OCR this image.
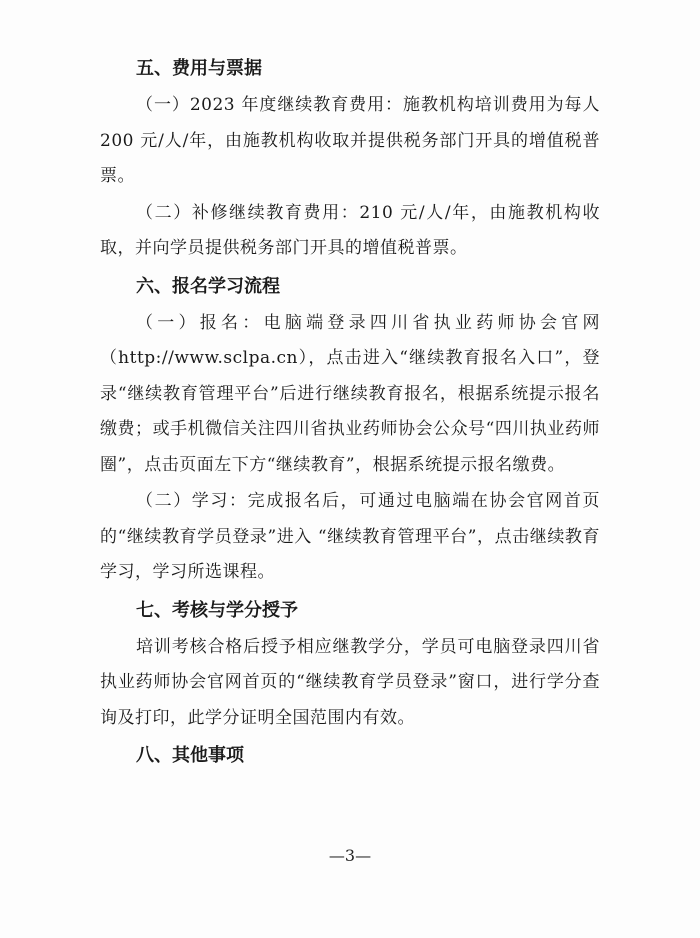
五、费用与票据

（一）2023 年度继续教育费用：施教机构培训费用为每人 200 元/人/年，由施教机构收取并提供税务部门开具的增值税普票。

（二）补修继续教育费用：210 元/人/年，由施教机构收取，并向学员提供税务部门开具的增值税普票。

六、报名学习流程

（一）报名：电脑端登录四川省执业药师协会官网（http://www.sclpa.cn），点击进入“继续教育报名入口”，登录“继续教育管理平台”后进行继续教育报名，根据系统提示报名缴费；或手机微信关注四川省执业药师协会公众号“四川执业药师圈”，点击页面左下方“继续教育”，根据系统提示报名缴费。

（二）学习：完成报名后，可通过电脑端在协会官网首页的“继续教育学员登录”进入 “继续教育管理平台”，点击继续教育学习，学习所选课程。

七、考核与学分授予

培训考核合格后授予相应继教学分，学员可电脑登录四川省执业药师协会官网首页的“继续教育学员登录”窗口，进行学分查询及打印，此学分证明全国范围内有效。

八、其他事项
—3—
